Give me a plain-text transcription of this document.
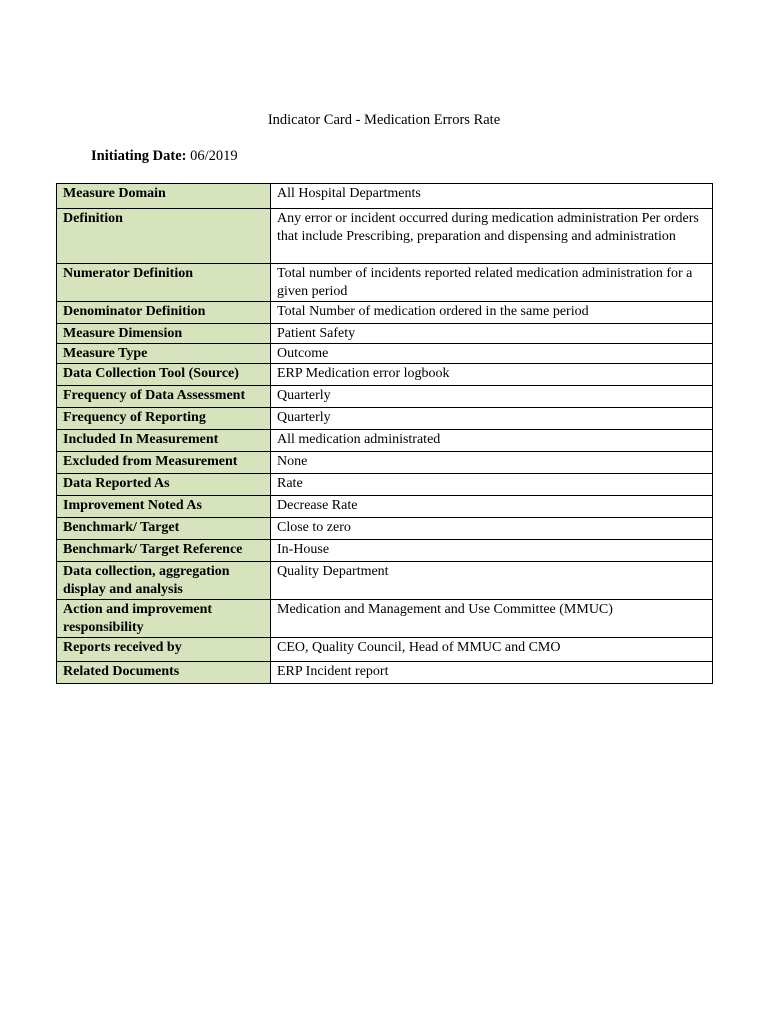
Indicator Card - Medication Errors Rate
Initiating Date: 06/2019
Measure Domain	All Hospital Departments
Definition	Any error or incident occurred during medication administration Per orders that include Prescribing, preparation and dispensing and administration
Numerator Definition	Total number of incidents reported related medication administration for a given period
Denominator Definition	Total Number of medication ordered in the same period
Measure Dimension	Patient Safety
Measure Type	Outcome
Data Collection Tool (Source)	ERP Medication error logbook
Frequency of Data Assessment	Quarterly
Frequency of Reporting	Quarterly
Included In Measurement	All medication administrated
Excluded from Measurement	None
Data Reported As	Rate
Improvement Noted As	Decrease Rate
Benchmark/ Target	Close to zero
Benchmark/ Target Reference	In-House
Data collection, aggregation display and analysis	Quality Department
Action and improvement responsibility	Medication and Management and Use Committee (MMUC)
Reports received by	CEO, Quality Council, Head of MMUC and CMO
Related Documents	ERP Incident report
